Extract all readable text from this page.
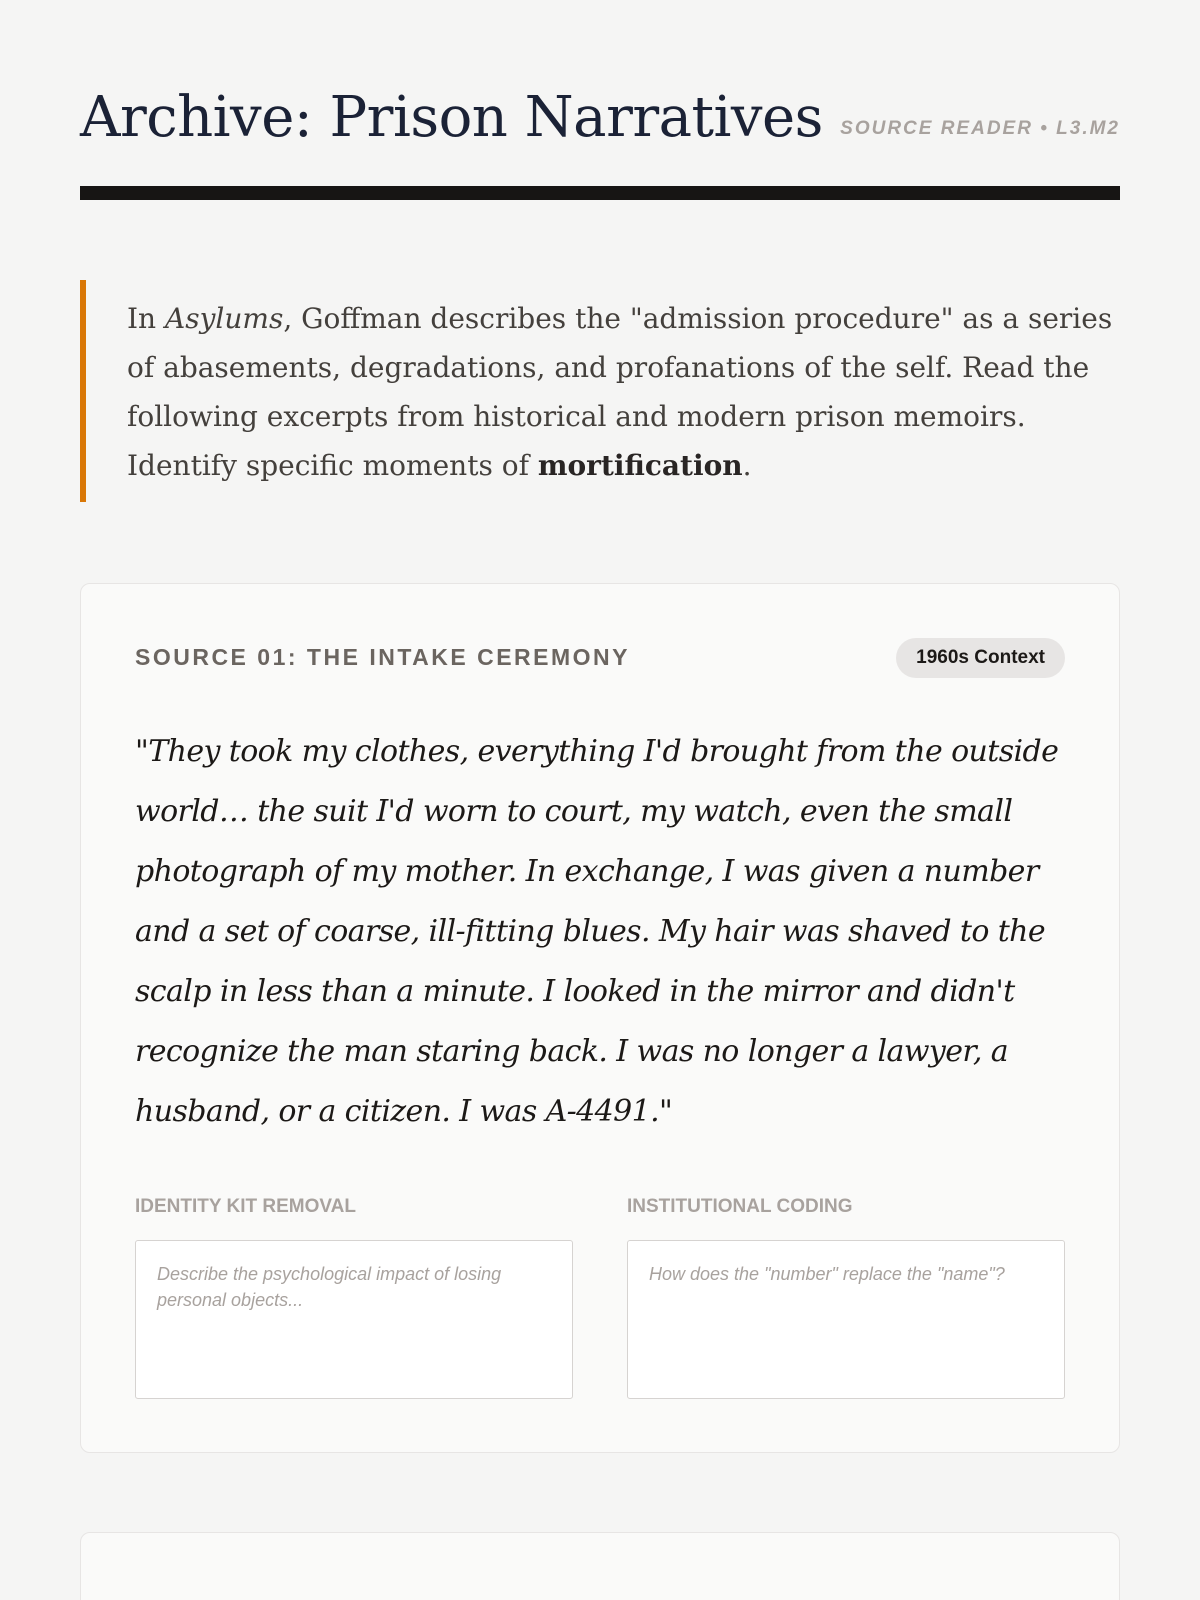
Archive: Prison Narratives SOURCE READER • L3.M2

In Asylums, Goffman describes the "admission procedure" as a series of abasements, degradations, and profanations of the self. Read the following excerpts from historical and modern prison memoirs. Identify specific moments of mortification.

SOURCE 01: THE INTAKE CEREMONY	1960s Context
"They took my clothes, everything I'd brought from the outside world… the suit I'd worn to court, my watch, even the small photograph of my mother. In exchange, I was given a number and a set of coarse, ill-fitting blues. My hair was shaved to the scalp in less than a minute. I looked in the mirror and didn't recognize the man staring back. I was no longer a lawyer, a husband, or a citizen. I was A-4491."
IDENTITY KIT REMOVAL
Describe the psychological impact of losing personal objects...	INSTITUTIONAL CODING
How does the "number" replace the "name"?
